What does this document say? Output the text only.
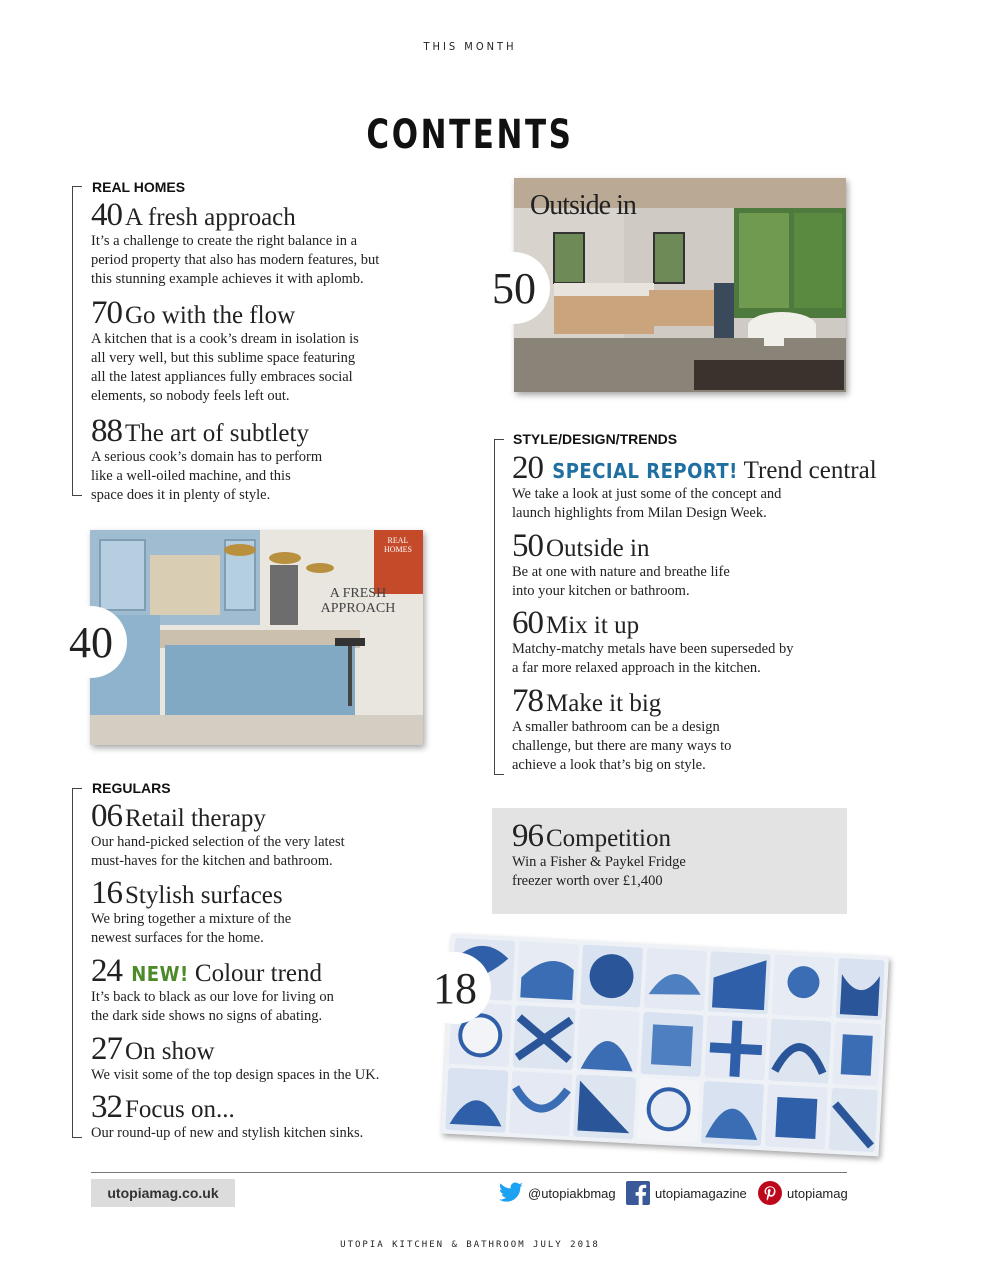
THIS MONTH
CONTENTS
REAL HOMES
40 A fresh approach
It’s a challenge to create the right balance in a
period property that also has modern features, but
this stunning example achieves it with aplomb.
70 Go with the flow
A kitchen that is a cook’s dream in isolation is
all very well, but this sublime space featuring
all the latest appliances fully embraces social
elements, so nobody feels left out.
88 The art of subtlety
A serious cook’s domain has to perform
like a well-oiled machine, and this
space does it in plenty of style.
Outside in
50
STYLE/DESIGN/TRENDS
20 SPECIAL REPORT! Trend central
We take a look at just some of the concept and
launch highlights from Milan Design Week.
50 Outside in
Be at one with nature and breathe life
into your kitchen or bathroom.
60 Mix it up
Matchy-matchy metals have been superseded by
a far more relaxed approach in the kitchen.
78 Make it big
A smaller bathroom can be a design
challenge, but there are many ways to
achieve a look that’s big on style.
REAL HOMES
A FRESH APPROACH
40
96 Competition
Win a Fisher & Paykel Fridge
freezer worth over £1,400
REGULARS
06 Retail therapy
Our hand-picked selection of the very latest
must-haves for the kitchen and bathroom.
16 Stylish surfaces
We bring together a mixture of the
newest surfaces for the home.
24 NEW! Colour trend
It’s back to black as our love for living on
the dark side shows no signs of abating.
27 On show
We visit some of the top design spaces in the UK.
32 Focus on...
Our round-up of new and stylish kitchen sinks.
18
utopiamag.co.uk	@utopiakbmag	utopiamagazine	utopiamag
UTOPIA KITCHEN & BATHROOM JULY 2018
